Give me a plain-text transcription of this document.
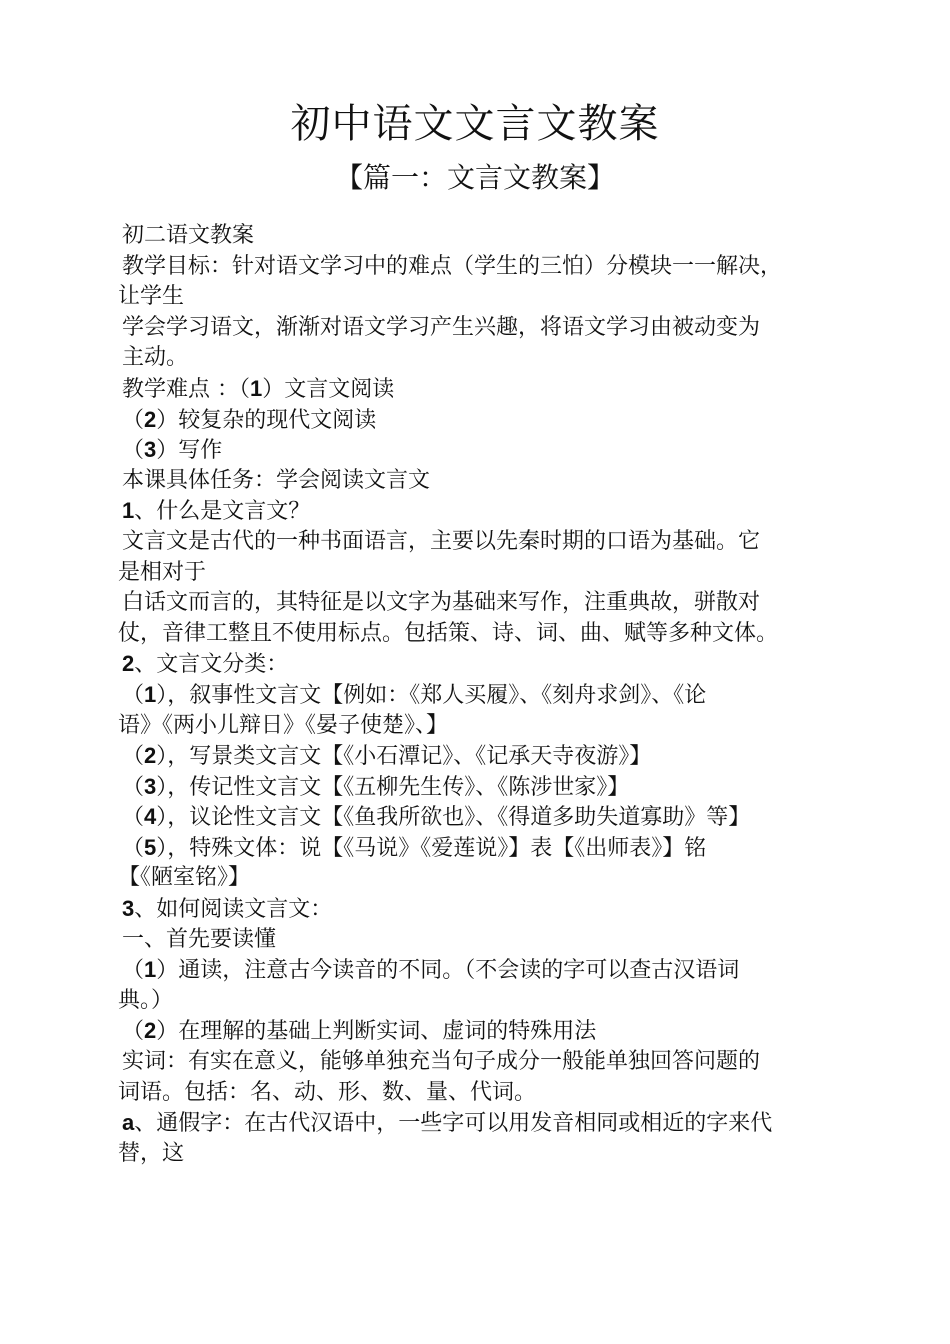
初中语文文言文教案
【篇一：文言文教案】
初二语文教案
教学目标：针对语文学习中的难点（学生的三怕）分模块一一解决，
让学生
学会学习语文，渐渐对语文学习产生兴趣，将语文学习由被动变为
主动。
教学难点 ：（1）文言文阅读
（2）较复杂的现代文阅读
（3）写作
本课具体任务：学会阅读文言文
1、什么是文言文？
文言文是古代的一种书面语言，主要以先秦时期的口语为基础。它
是相对于
白话文而言的，其特征是以文字为基础来写作，注重典故，骈散对
仗，音律工整且不使用标点。包括策、诗、词、曲、赋等多种文体。
2、文言文分类：
（1），叙事性文言文【例如：《郑人买履》、《刻舟求剑》、《论
语》《两小儿辩日》《晏子使楚》、】
（2），写景类文言文【《小石潭记》、《记承天寺夜游》】
（3），传记性文言文【《五柳先生传》、《陈涉世家》】
（4），议论性文言文【《鱼我所欲也》、《得道多助失道寡助》等】
（5），特殊文体：说【《马说》《爱莲说》】表【《出师表》】铭
【《陋室铭》】
3、如何阅读文言文：
一、首先要读懂
（1）通读，注意古今读音的不同。（不会读的字可以查古汉语词
典。）
（2）在理解的基础上判断实词、虚词的特殊用法
实词：有实在意义，能够单独充当句子成分一般能单独回答问题的
词语。包括：名、动、形、数、量、代词。
a、通假字：在古代汉语中，一些字可以用发音相同或相近的字来代
替，这
